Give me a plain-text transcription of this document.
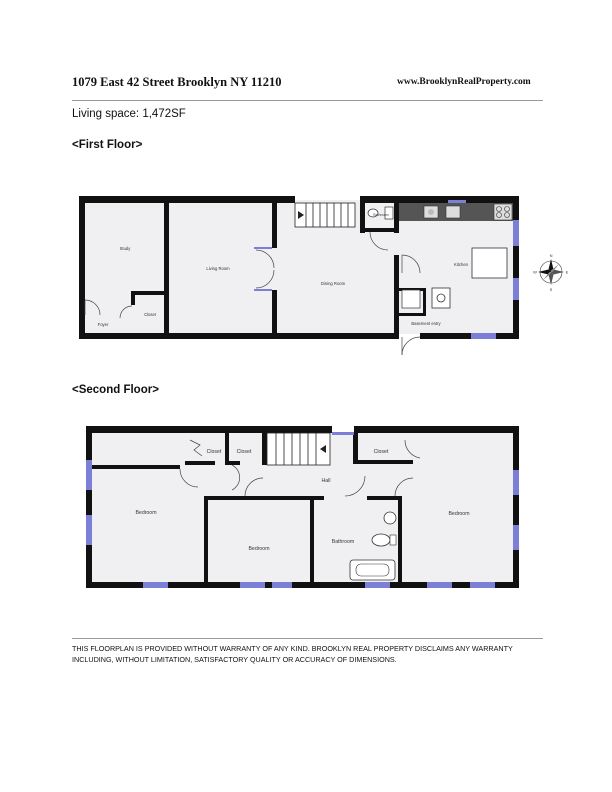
1079 East 42 Street Brooklyn NY 11210	www.BrooklynRealProperty.com
Living space: 1,472SF
<First Floor>
Study
Living Room
Dining Room
Bathroom
Kitchen
Foyer
Closet
Basement entry
N
E
S
W
Closet	Closet	Closet
Hall
Bedroom
Bedroom
Bathroom
Bedroom
<Second Floor>
THIS FLOORPLAN IS PROVIDED WITHOUT WARRANTY OF ANY KIND. BROOKLYN REAL PROPERTY DISCLAIMS ANY WARRANTY INCLUDING, WITHOUT LIMITATION, SATISFACTORY QUALITY OR ACCURACY OF DIMENSIONS.
